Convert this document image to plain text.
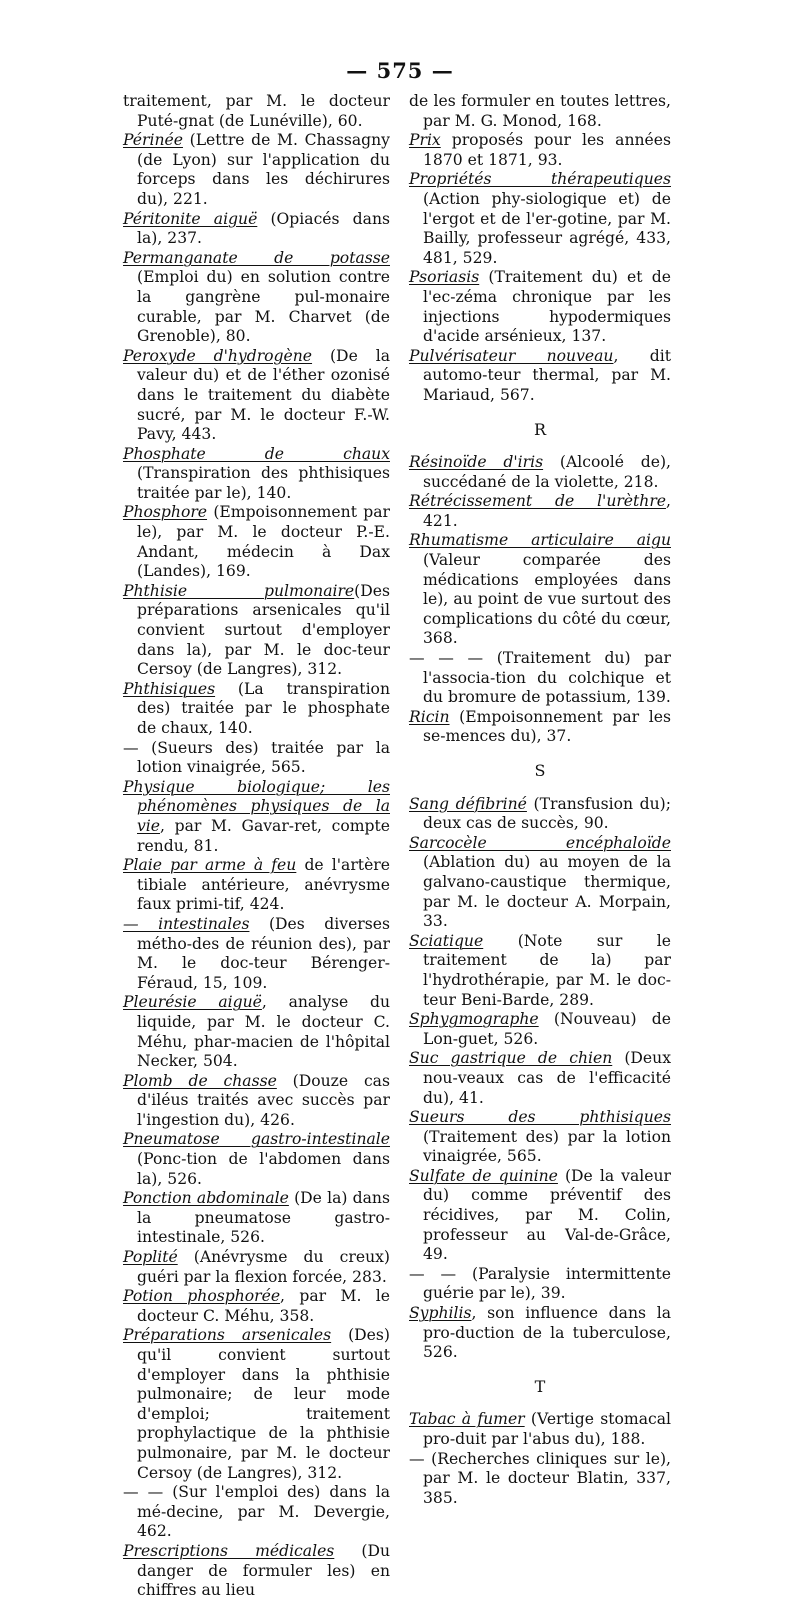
— 575 —
traitement, par M. le docteur Puté-gnat (de Lunéville), 60.
Périnée (Lettre de M. Chassagny (de Lyon) sur l'application du forceps dans les déchirures du), 221.
Péritonite aiguë (Opiacés dans la), 237.
Permanganate de potasse (Emploi du) en solution contre la gangrène pul-monaire curable, par M. Charvet (de Grenoble), 80.
Peroxyde d'hydrogène (De la valeur du) et de l'éther ozonisé dans le traitement du diabète sucré, par M. le docteur F.-W. Pavy, 443.
Phosphate de chaux (Transpiration des phthisiques traitée par le), 140.
Phosphore (Empoisonnement par le), par M. le docteur P.-E. Andant, médecin à Dax (Landes), 169.
Phthisie pulmonaire(Des préparations arsenicales qu'il convient surtout d'employer dans la), par M. le doc-teur Cersoy (de Langres), 312.
Phthisiques (La transpiration des) traitée par le phosphate de chaux, 140.
— (Sueurs des) traitée par la lotion vinaigrée, 565.
Physique biologique; les phénomènes physiques de la vie, par M. Gavar-ret, compte rendu, 81.
Plaie par arme à feu de l'artère tibiale antérieure, anévrysme faux primi-tif, 424.
— intestinales (Des diverses métho-des de réunion des), par M. le doc-teur Bérenger-Féraud, 15, 109.
Pleurésie aiguë, analyse du liquide, par M. le docteur C. Méhu, phar-macien de l'hôpital Necker, 504.
Plomb de chasse (Douze cas d'iléus traités avec succès par l'ingestion du), 426.
Pneumatose gastro-intestinale (Ponc-tion de l'abdomen dans la), 526.
Ponction abdominale (De la) dans la pneumatose gastro-intestinale, 526.
Poplité (Anévrysme du creux) guéri par la flexion forcée, 283.
Potion phosphorée, par M. le docteur C. Méhu, 358.
Préparations arsenicales (Des) qu'il convient surtout d'employer dans la phthisie pulmonaire; de leur mode d'emploi; traitement prophylactique de la phthisie pulmonaire, par M. le docteur Cersoy (de Langres), 312.
— — (Sur l'emploi des) dans la mé-decine, par M. Devergie, 462.
Prescriptions médicales (Du danger de formuler les) en chiffres au lieu
de les formuler en toutes lettres, par M. G. Monod, 168.
Prix proposés pour les années 1870 et 1871, 93.
Propriétés thérapeutiques (Action phy-siologique et) de l'ergot et de l'er-gotine, par M. Bailly, professeur agrégé, 433, 481, 529.
Psoriasis (Traitement du) et de l'ec-zéma chronique par les injections hypodermiques d'acide arsénieux, 137.
Pulvérisateur nouveau, dit automo-teur thermal, par M. Mariaud, 567.
R
Résinoïde d'iris (Alcoolé de), succédané de la violette, 218.
Rétrécissement de l'urèthre, 421.
Rhumatisme articulaire aigu (Valeur comparée des médications employées dans le), au point de vue surtout des complications du côté du cœur, 368.
— — — (Traitement du) par l'associa-tion du colchique et du bromure de potassium, 139.
Ricin (Empoisonnement par les se-mences du), 37.
S
Sang défibriné (Transfusion du); deux cas de succès, 90.
Sarcocèle encéphaloïde (Ablation du) au moyen de la galvano-caustique thermique, par M. le docteur A. Morpain, 33.
Sciatique (Note sur le traitement de la) par l'hydrothérapie, par M. le doc-teur Beni-Barde, 289.
Sphygmographe (Nouveau) de Lon-guet, 526.
Suc gastrique de chien (Deux nou-veaux cas de l'efficacité du), 41.
Sueurs des phthisiques (Traitement des) par la lotion vinaigrée, 565.
Sulfate de quinine (De la valeur du) comme préventif des récidives, par M. Colin, professeur au Val-de-Grâce, 49.
— — (Paralysie intermittente guérie par le), 39.
Syphilis, son influence dans la pro-duction de la tuberculose, 526.
T
Tabac à fumer (Vertige stomacal pro-duit par l'abus du), 188.
— (Recherches cliniques sur le), par M. le docteur Blatin, 337, 385.
